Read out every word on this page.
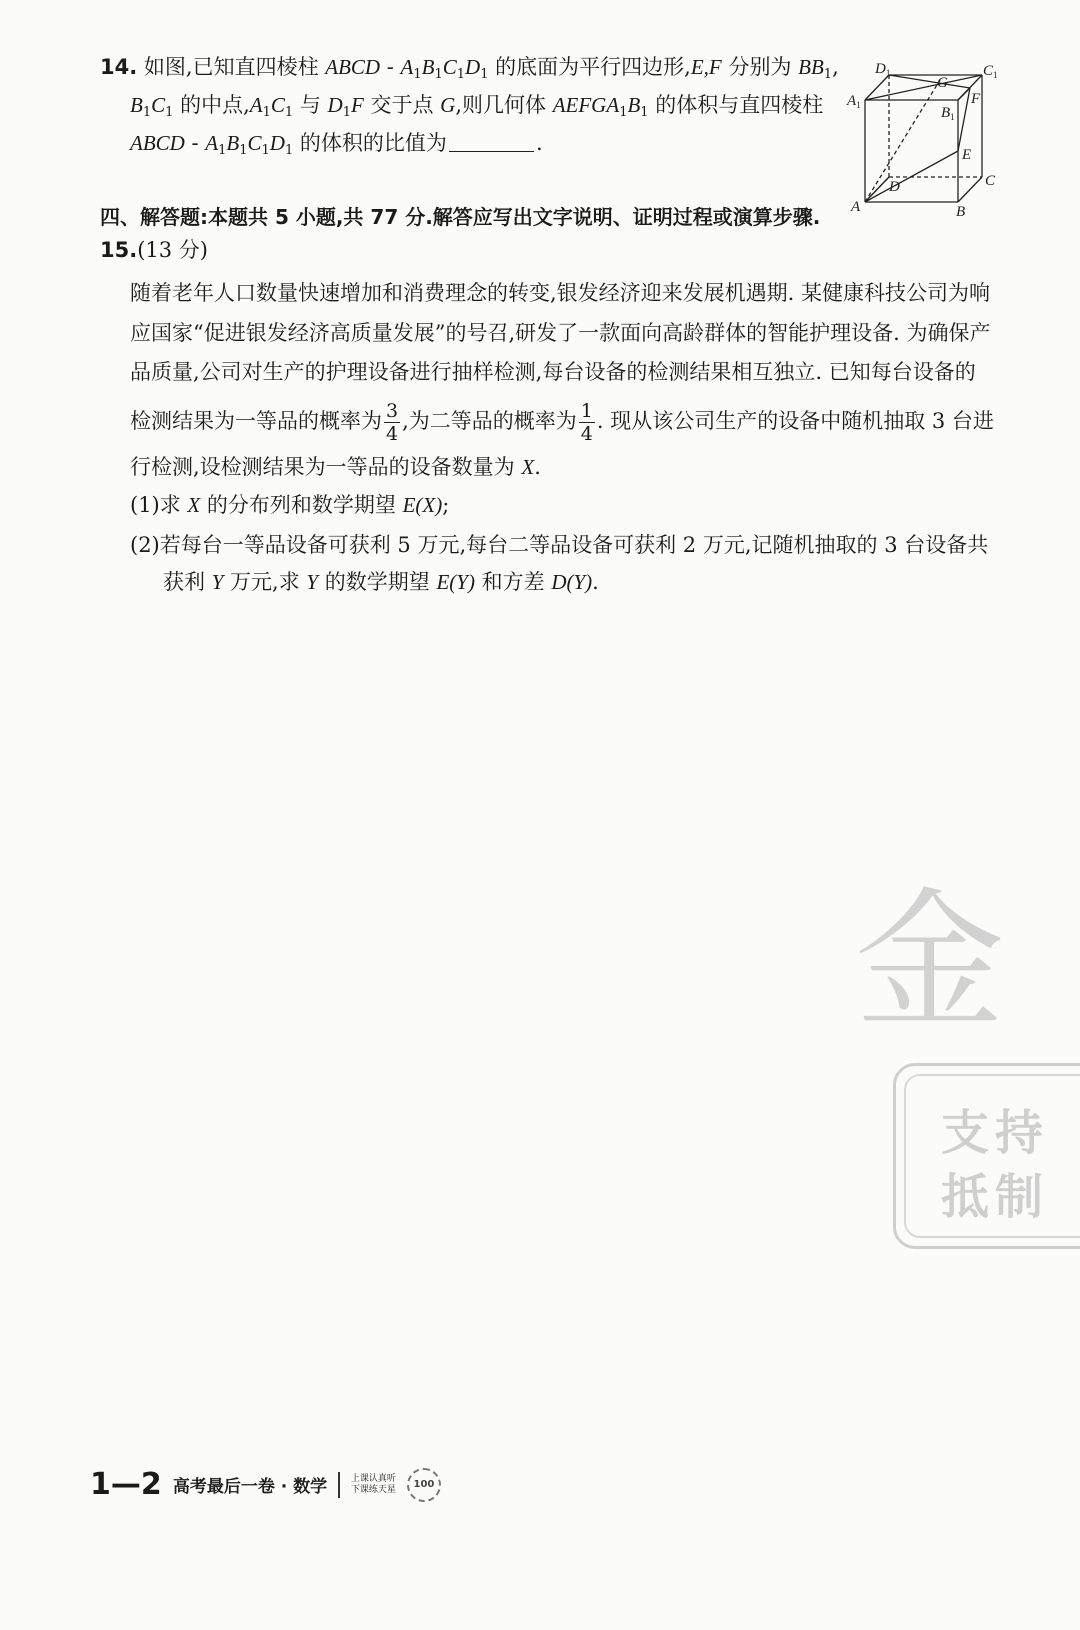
14. 如图,已知直四棱柱 ABCD - $A_1B_1C_1D_1$ 的底面为平行四边形,E,F 分别为 $BB_1$,
$B_1C_1$ 的中点$,A_1C_1$ 与 $D_1F$ 交于点 G,则几何体 $AEFGA_1B_1$ 的体积与直四棱柱
ABCD - $A_1B_1C_1D_1$ 的体积的比值为	.
$D_1$
G
$C_1$
$A_1$	F
$B_1$
E
D	C
A	B
四、解答题:本题共 5 小题,共 77 分.解答应写出文字说明、证明过程或演算步骤.
15.(13 分)
随着老年人口数量快速增加和消费理念的转变,银发经济迎来发展机遇期. 某健康科技公司为响
应国家“促进银发经济高质量发展”的号召,研发了一款面向高龄群体的智能护理设备. 为确保产
品质量,公司对生产的护理设备进行抽样检测,每台设备的检测结果相互独立. 已知每台设备的
检测结果为一等品的概率为 $\frac{3}{4}$ ,为二等品的概率为 $\frac{1}{4}$ . 现从该公司生产的设备中随机抽取 3 台进
行检测,设检测结果为一等品的设备数量为 X.
(1)求 X 的分布列和数学期望 E(X);
(2)若每台一等品设备可获利 5 万元,每台二等品设备可获利 2 万元,记随机抽取的 3 台设备共
获利 Y 万元,求 Y 的数学期望 E(Y) 和方差 D(Y).
金
支持
抵制
1—2 高考最后一卷 · 数学	上课认真听
下课练天星 100
